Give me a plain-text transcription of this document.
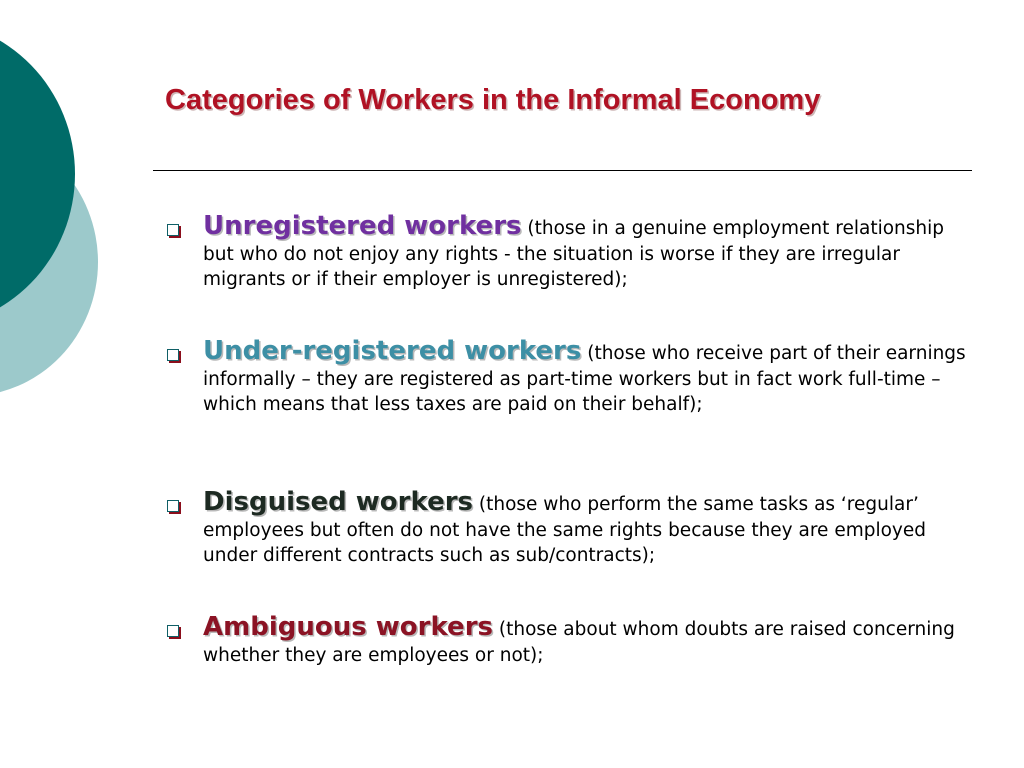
Categories of Workers in the Informal Economy
Unregistered workers (those in a genuine employment relationship but who do not enjoy any rights - the situation is worse if they are irregular migrants or if their employer is unregistered);
Under-registered workers (those who receive part of their earnings informally – they are registered as part-time workers but in fact work full-time – which means that less taxes are paid on their behalf);
Disguised workers (those who perform the same tasks as ‘regular’ employees but often do not have the same rights because they are employed under different contracts such as sub/contracts);
Ambiguous workers (those about whom doubts are raised concerning whether they are employees or not);
